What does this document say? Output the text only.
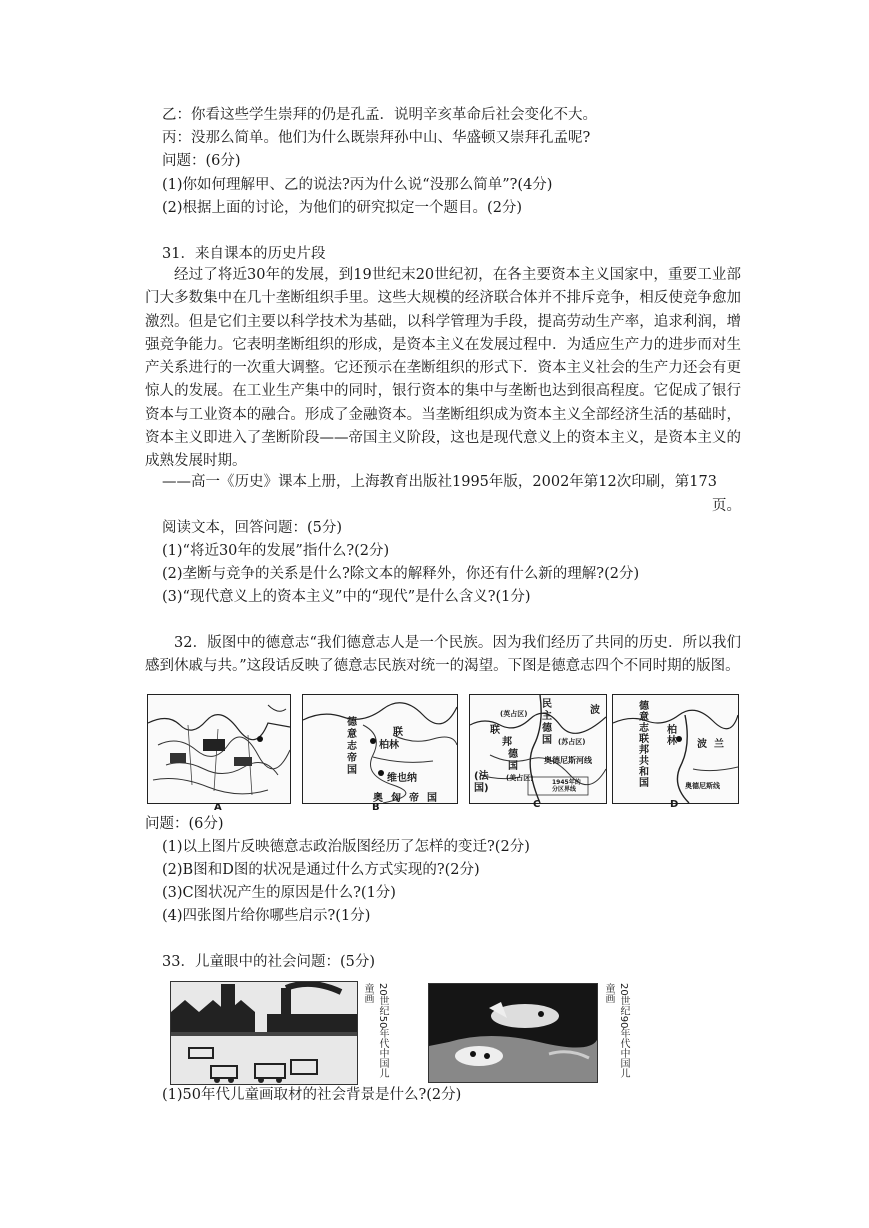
乙：你看这些学生崇拜的仍是孔孟．说明辛亥革命后社会变化不大。
丙：没那么简单。他们为什么既崇拜孙中山、华盛顿又崇拜孔孟呢?
问题：(6分)
(1)你如何理解甲、乙的说法?丙为什么说“没那么简单”?(4分)
(2)根据上面的讨论，为他们的研究拟定一个题目。(2分)
31．来自课本的历史片段
经过了将近30年的发展，到19世纪末20世纪初，在各主要资本主义国家中，重要工业部门大多数集中在几十垄断组织手里。这些大规模的经济联合体并不排斥竞争，相反使竞争愈加激烈。但是它们主要以科学技术为基础，以科学管理为手段，提高劳动生产率，追求利润，增强竞争能力。它表明垄断组织的形成，是资本主义在发展过程中．为适应生产力的进步而对生产关系进行的一次重大调整。它还预示在垄断组织的形式下．资本主义社会的生产力还会有更惊人的发展。在工业生产集中的同时，银行资本的集中与垄断也达到很高程度。它促成了银行资本与工业资本的融合。形成了金融资本。当垄断组织成为资本主义全部经济生活的基础时，资本主义即进入了垄断阶段——帝国主义阶段，这也是现代意义上的资本主义，是资本主义的成熟发展时期。
——高一《历史》课本上册，上海教育出版社1995年版，2002年第12次印刷，第173
页。
阅读文本，回答问题：(5分)
(1)“将近30年的发展”指什么?(2分)
(2)垄断与竞争的关系是什么?除文本的解释外，你还有什么新的理解?(2分)
(3)“现代意义上的资本主义”中的“现代”是什么含义?(1分)
32．版图中的德意志“我们德意志人是一个民族。因为我们经历了共同的历史．所以我们感到休戚与共。”这段话反映了德意志民族对统一的渴望。下图是德意志四个不同时期的版图。
A
德
意
志
帝
国
柏林
联
维也纳
奥匈帝国
B
民主
德
国 (苏占区)
(英占区)
联
邦
德
国
(美占区)
(法
国)
波
奥德尼斯河线
1945年的
分区界线
C
德
意
志
联
邦
共
和
国
柏
林 波 兰
奥德尼斯线
D
问题：(6分)
(1)以上图片反映德意志政治版图经历了怎样的变迁?(2分)
(2)B图和D图的状况是通过什么方式实现的?(2分)
(3)C图状况产生的原因是什么?(1分)
(4)四张图片给你哪些启示?(1分)
33．儿童眼中的社会问题：(5分)
20世纪50年代中国儿童画	20世纪90年代中国儿童画
(1)50年代儿童画取材的社会背景是什么?(2分)
